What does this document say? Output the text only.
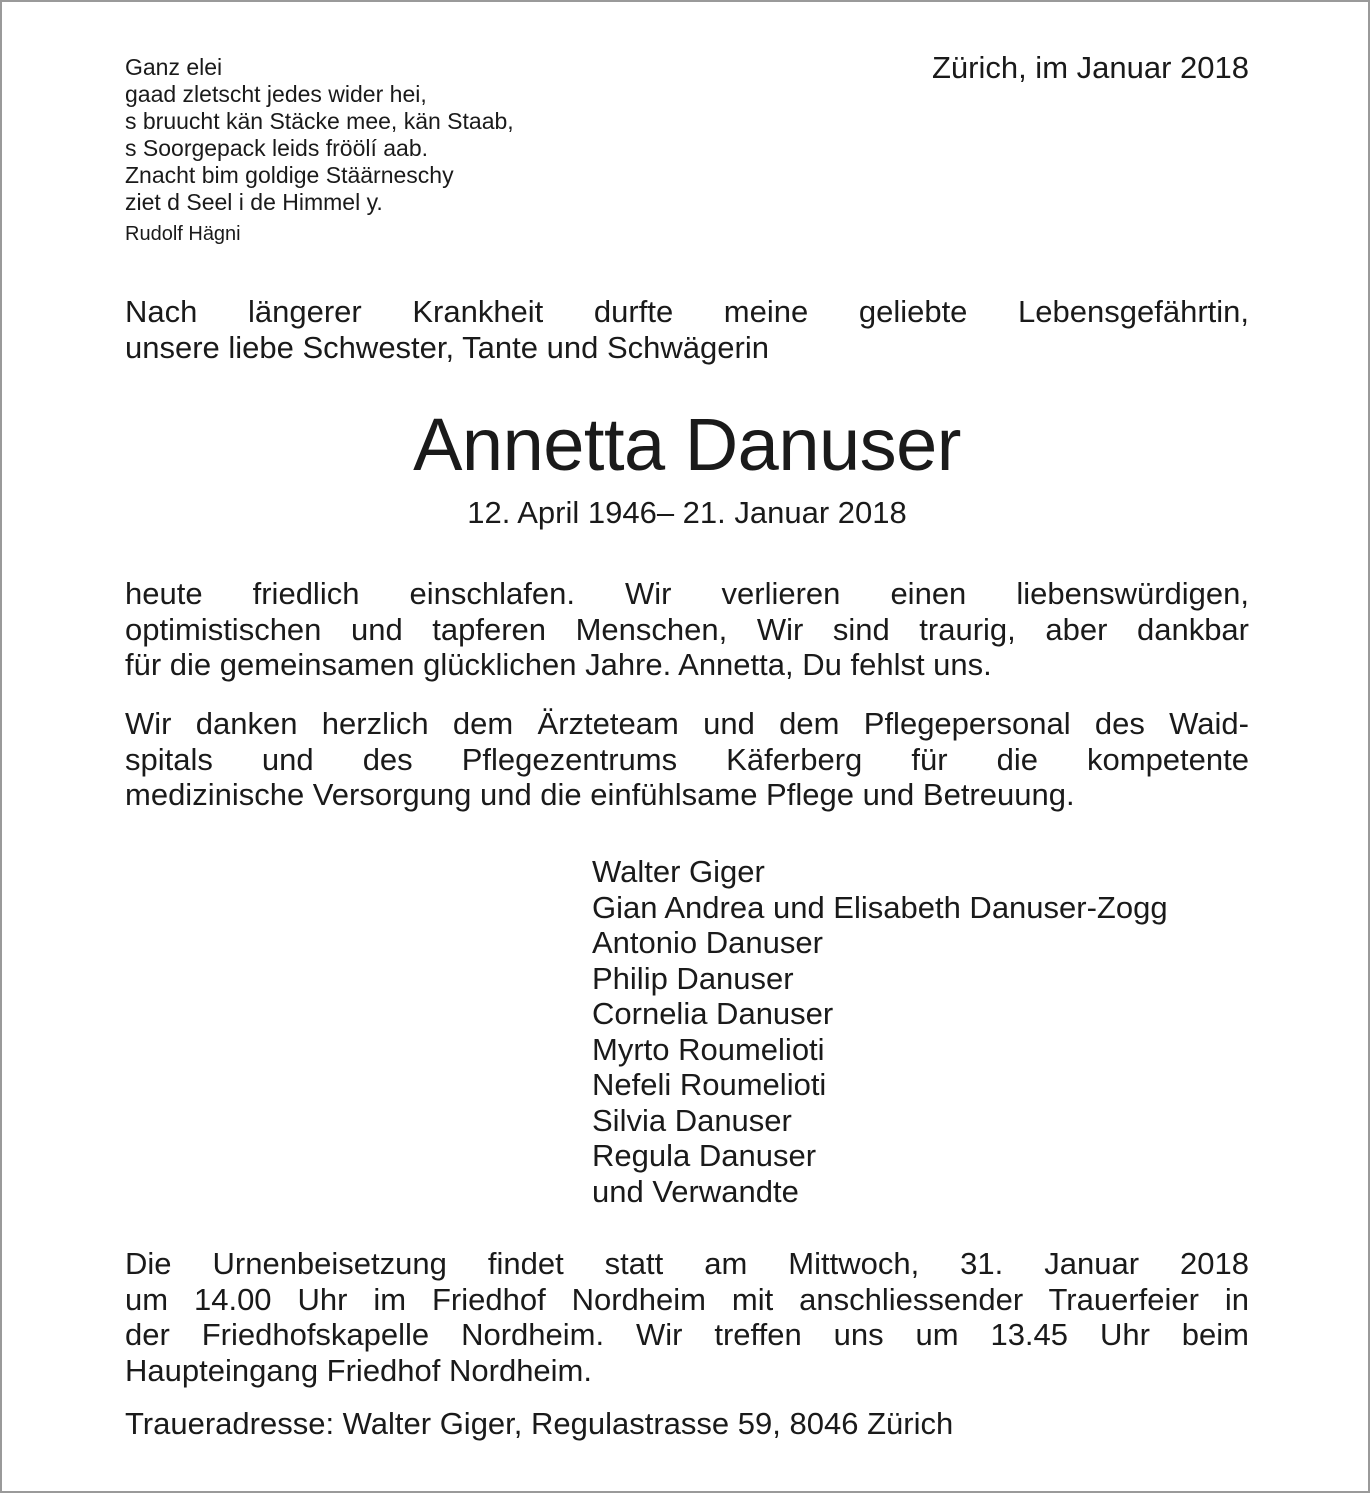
Ganz elei
gaad zletscht jedes wider hei,
s bruucht kän Stäcke mee, kän Staab,
s Soorgepack leids fröölí aab.
Znacht bim goldige Stäärneschy
ziet d Seel i de Himmel y.
Rudolf Hägni
Zürich, im Januar 2018
Nach längerer Krankheit durfte meine geliebte Lebensgefährtin,
unsere liebe Schwester, Tante und Schwägerin
Annetta Danuser
12. April 1946– 21. Januar 2018
heute friedlich einschlafen. Wir verlieren einen liebenswürdigen,
optimistischen und tapferen Menschen, Wir sind traurig, aber dankbar
für die gemeinsamen glücklichen Jahre. Annetta, Du fehlst uns.
Wir danken herzlich dem Ärzteteam und dem Pflegepersonal des Waid-
spitals und des Pflegezentrums Käferberg für die kompetente
medizinische Versorgung und die einfühlsame Pflege und Betreuung.
Walter Giger
Gian Andrea und Elisabeth Danuser-Zogg
Antonio Danuser
Philip Danuser
Cornelia Danuser
Myrto Roumelioti
Nefeli Roumelioti
Silvia Danuser
Regula Danuser
und Verwandte
Die Urnenbeisetzung findet statt am Mittwoch, 31. Januar 2018
um 14.00 Uhr im Friedhof Nordheim mit anschliessender Trauerfeier in
der Friedhofskapelle Nordheim. Wir treffen uns um 13.45 Uhr beim
Haupteingang Friedhof Nordheim.
Traueradresse: Walter Giger, Regulastrasse 59, 8046 Zürich
